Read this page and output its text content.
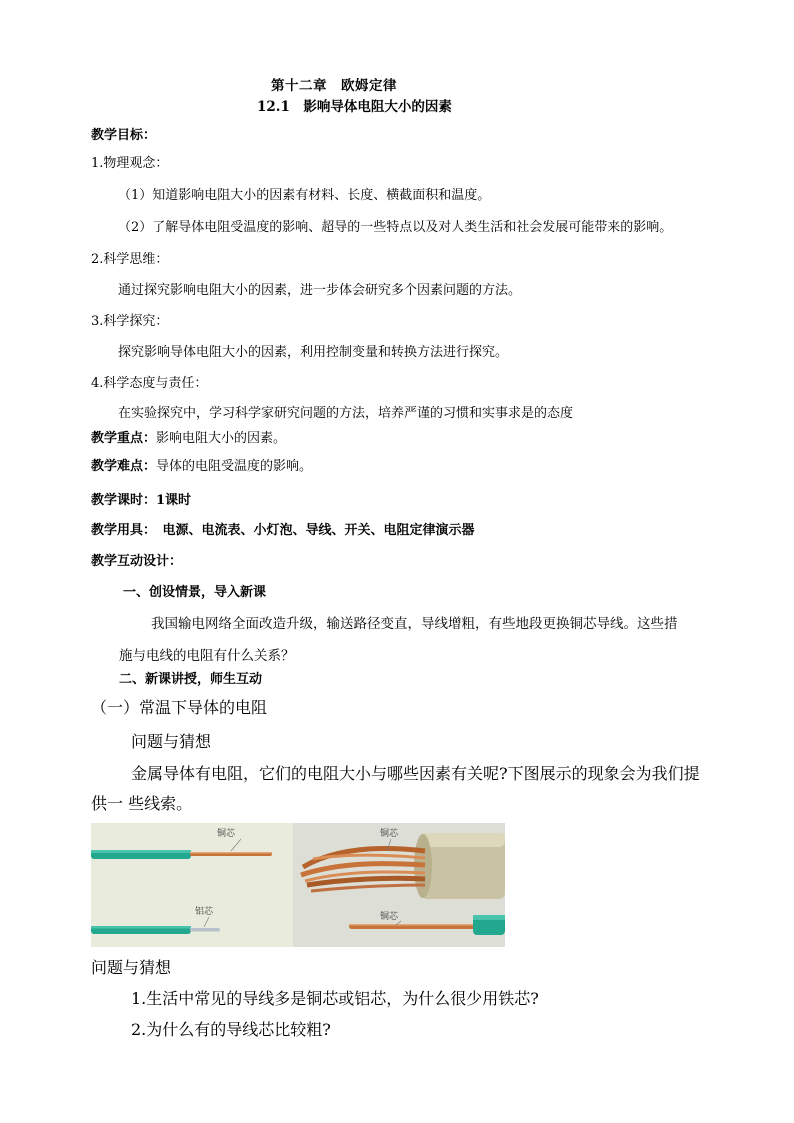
第十二章　欧姆定律
12.1　影响导体电阻大小的因素
教学目标：
1.物理观念：
（1）知道影响电阻大小的因素有材料、长度、横截面积和温度。
（2）了解导体电阻受温度的影响、超导的一些特点以及对人类生活和社会发展可能带来的影响。
2.科学思维：
通过探究影响电阻大小的因素，进一步体会研究多个因素问题的方法。
3.科学探究：
探究影响导体电阻大小的因素，利用控制变量和转换方法进行探究。
4.科学态度与责任：
在实验探究中，学习科学家研究问题的方法，培养严谨的习惯和实事求是的态度
教学重点：影响电阻大小的因素。
教学难点：导体的电阻受温度的影响。
教学课时：1课时
教学用具：　电源、电流表、小灯泡、导线、开关、电阻定律演示器
教学互动设计：
一、创设情景，导入新课
我国输电网络全面改造升级，输送路径变直，导线增粗，有些地段更换铜芯导线。这些措
施与电线的电阻有什么关系？
二、新课讲授，师生互动
（一）常温下导体的电阻
问题与猜想
金属导体有电阻，它们的电阻大小与哪些因素有关呢?下图展示的现象会为我们提
供一 些线索。
铜芯
铝芯
铜芯
铜芯
问题与猜想
1.生活中常见的导线多是铜芯或铝芯，为什么很少用铁芯?
2.为什么有的导线芯比较粗?
